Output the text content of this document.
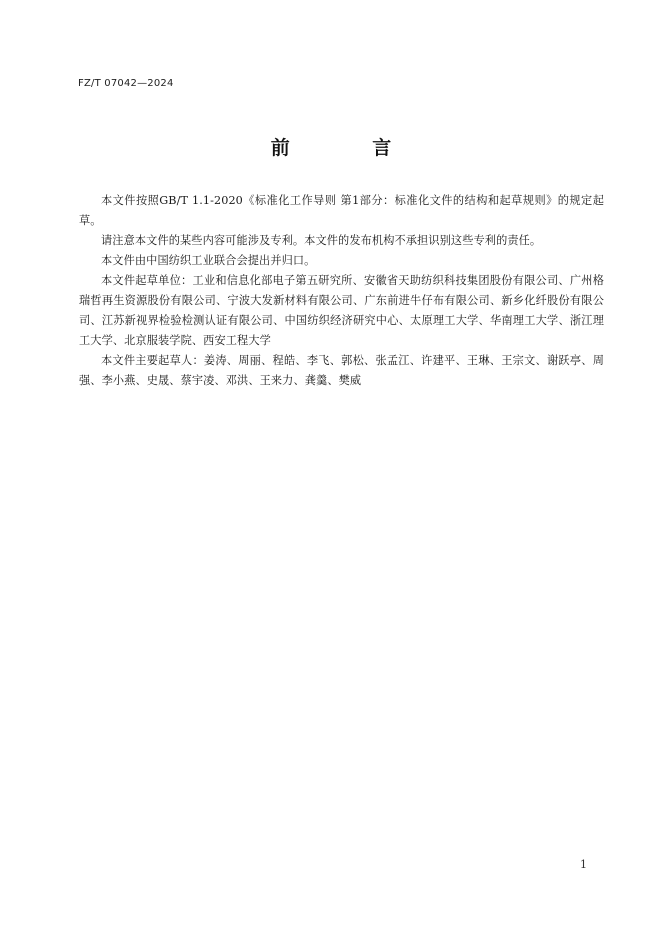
FZ/T 07042—2024
前 言

本文件按照GB/T 1.1-2020《标准化工作导则 第1部分：标准化文件的结构和起草规则》的规定起草。

请注意本文件的某些内容可能涉及专利。本文件的发布机构不承担识别这些专利的责任。

本文件由中国纺织工业联合会提出并归口。

本文件起草单位：工业和信息化部电子第五研究所、安徽省天助纺织科技集团股份有限公司、广州格瑞哲再生资源股份有限公司、宁波大发新材料有限公司、广东前进牛仔布有限公司、新乡化纤股份有限公司、江苏新视界检验检测认证有限公司、中国纺织经济研究中心、太原理工大学、华南理工大学、浙江理工大学、北京服装学院、西安工程大学

本文件主要起草人：姜涛、周丽、程皓、李飞、郭松、张孟江、许建平、王琳、王宗文、谢跃亭、周强、李小燕、史晟、蔡宇凌、邓洪、王来力、龚羹、樊威

1
